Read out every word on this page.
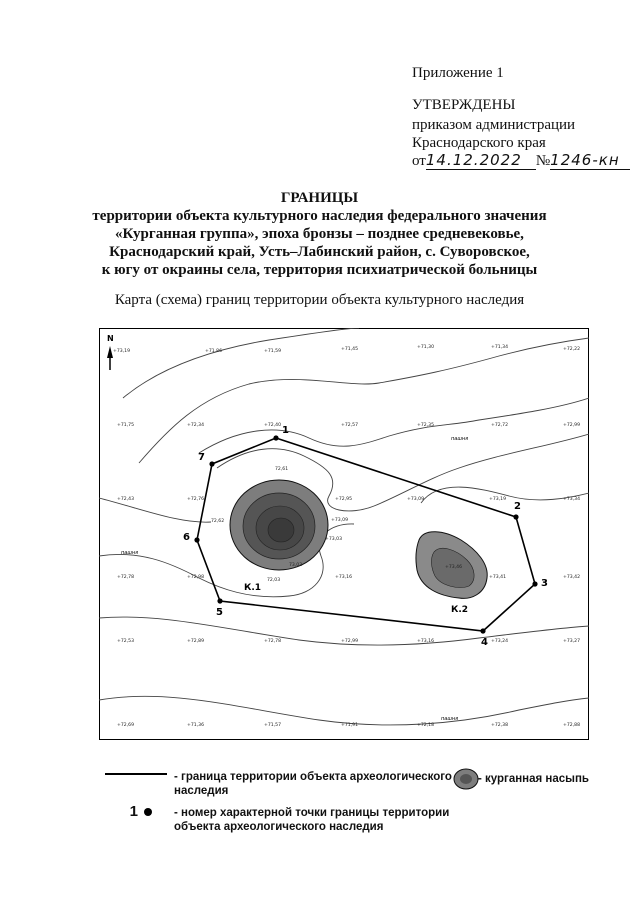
Приложение 1
УТВЕРЖДЕНЫ
приказом администрации
Краснодарского края
от14.12.2022 №1246-кн
ГРАНИЦЫ
территории объекта культурного наследия федерального значения
«Курганная группа», эпоха бронзы – позднее средневековье,
Краснодарский край, Усть–Лабинский район, с. Суворовское,
к югу от окраины села, территория психиатрической больницы
Карта (схема) границ территории объекта культурного наследия
1
2
3
4
5
6
7
N
К.1
К.2
пашня
пашня
пашня
+73,19	+71,86	+71,59	+71,45	+71,30	+71,34	+72,22
+71,75	+72,34	+72,40	+72,57	+72,35	+72,72	+72,99
+72,43	+72,76	+72,95	+73,09	+73,19	+73,34
+72,78	+72,98	+73,16	+73,41	+73,42
+72,53	+72,89	+72,78	+72,99	+73,16	+73,24	+73,27
+72,69	+71,36	+71,57	+71,91	+72,18	+72,38	+72,88
72,61
72,62
+73,03
72,03
73,03	+73,46
+73,09
1
- граница территории объекта археологического
наследия
- курганная насыпь
- номер характерной точки границы территории
объекта археологического наследия
